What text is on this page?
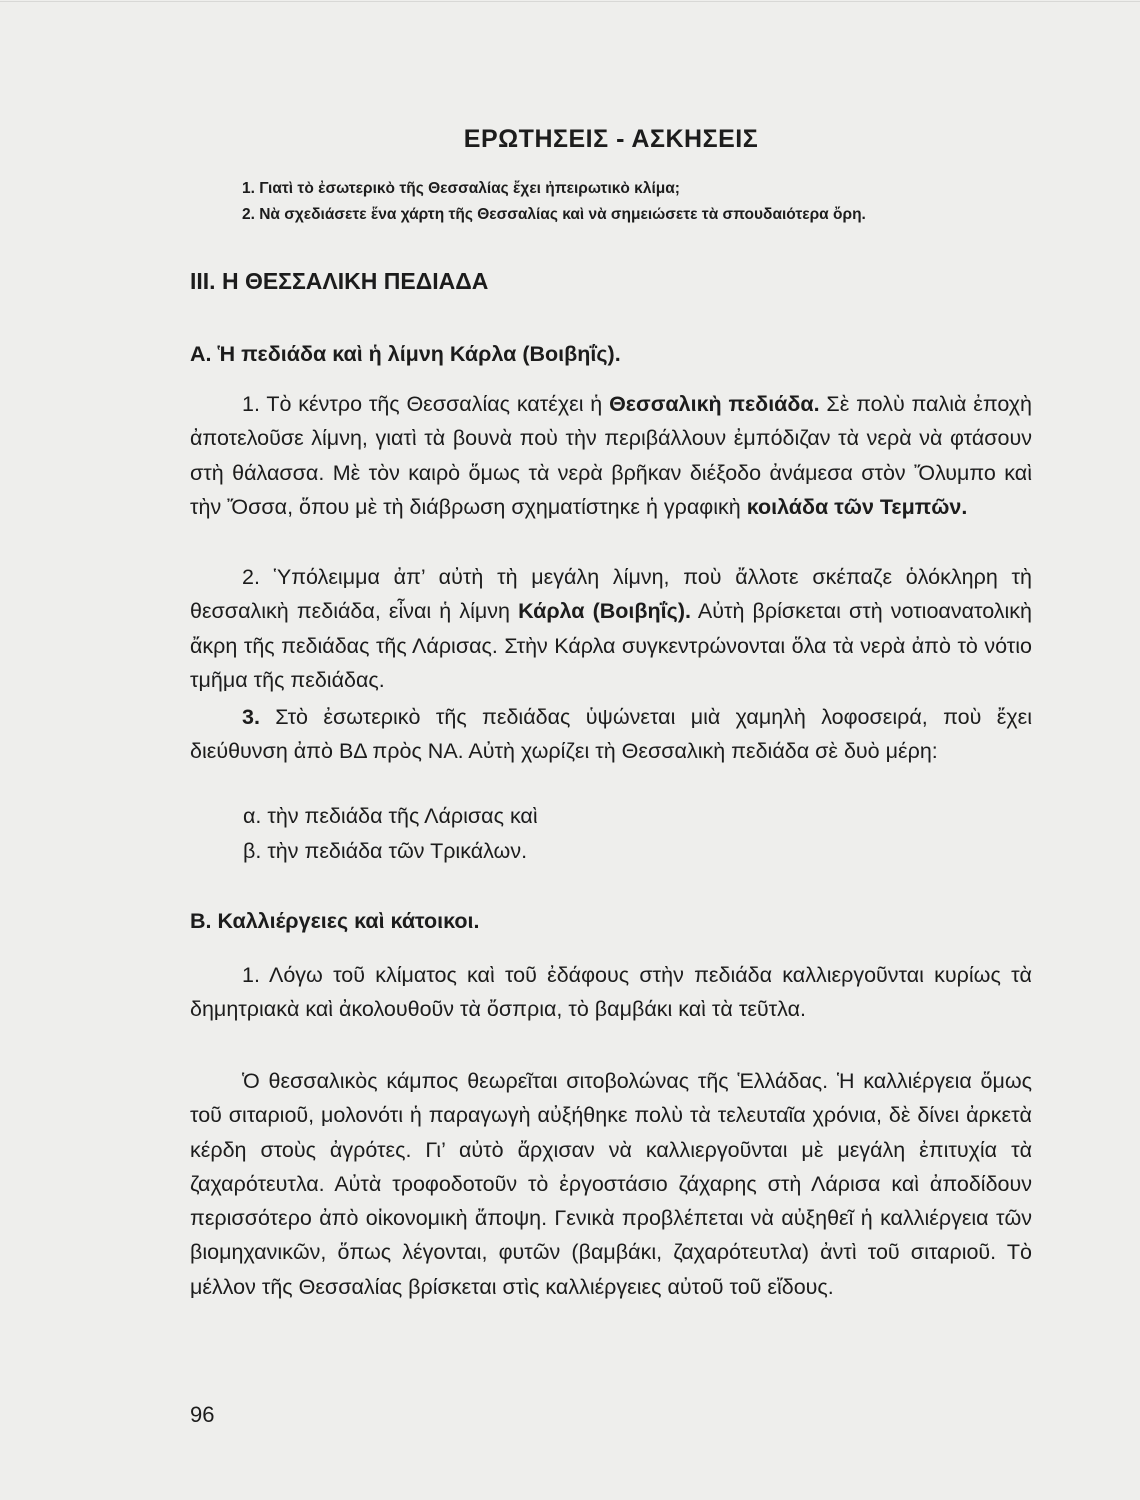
ΕΡΩΤΗΣΕΙΣ - ΑΣΚΗΣΕΙΣ
1. Γιατὶ τὸ ἐσωτερικὸ τῆς Θεσσαλίας ἔχει ἠπειρωτικὸ κλίμα;
2. Νὰ σχεδιάσετε ἕνα χάρτη τῆς Θεσσαλίας καὶ νὰ σημειώσετε τὰ σπουδαιότερα ὄρη.
III. Η ΘΕΣΣΑΛΙΚΗ ΠΕΔΙΑΔΑ
Α. Ἡ πεδιάδα καὶ ἡ λίμνη Κάρλα (Βοιβηΐς).
1. Τὸ κέντρο τῆς Θεσσαλίας κατέχει ἡ Θεσσαλικὴ πεδιάδα. Σὲ πολὺ παλιὰ ἐποχὴ ἀποτελοῦσε λίμνη, γιατὶ τὰ βουνὰ ποὺ τὴν περιβάλλουν ἐμπόδιζαν τὰ νερὰ νὰ φτάσουν στὴ θάλασσα. Μὲ τὸν καιρὸ ὅμως τὰ νερὰ βρῆκαν διέξοδο ἀνάμεσα στὸν Ὄλυμπο καὶ τὴν Ὄσσα, ὅπου μὲ τὴ διάβρωση σχηματίστηκε ἡ γραφικὴ κοιλάδα τῶν Τεμπῶν.
2. Ὑπόλειμμα ἀπ’ αὐτὴ τὴ μεγάλη λίμνη, ποὺ ἄλλοτε σκέπαζε ὁλόκληρη τὴ θεσσαλικὴ πεδιάδα, εἶναι ἡ λίμνη Κάρλα (Βοιβηΐς). Αὐτὴ βρίσκεται στὴ νοτιοανατολικὴ ἄκρη τῆς πεδιάδας τῆς Λάρισας. Στὴν Κάρλα συγκεντρώνονται ὅλα τὰ νερὰ ἀπὸ τὸ νότιο τμῆμα τῆς πεδιάδας.
3. Στὸ ἐσωτερικὸ τῆς πεδιάδας ὑψώνεται μιὰ χαμηλὴ λοφοσειρά, ποὺ ἔχει διεύθυνση ἀπὸ ΒΔ πρὸς ΝΑ. Αὐτὴ χωρίζει τὴ Θεσσαλικὴ πεδιάδα σὲ δυὸ μέρη:
α. τὴν πεδιάδα τῆς Λάρισας καὶ
β. τὴν πεδιάδα τῶν Τρικάλων.
Β. Καλλιέργειες καὶ κάτοικοι.
1. Λόγω τοῦ κλίματος καὶ τοῦ ἐδάφους στὴν πεδιάδα καλλιεργοῦνται κυρίως τὰ δημητριακὰ καὶ ἀκολουθοῦν τὰ ὄσπρια, τὸ βαμβάκι καὶ τὰ τεῦτλα.
Ὁ θεσσαλικὸς κάμπος θεωρεῖται σιτοβολώνας τῆς Ἑλλάδας. Ἡ καλλιέργεια ὅμως τοῦ σιταριοῦ, μολονότι ἡ παραγωγὴ αὐξήθηκε πολὺ τὰ τελευταῖα χρόνια, δὲ δίνει ἀρκετὰ κέρδη στοὺς ἀγρότες. Γι’ αὐτὸ ἄρχισαν νὰ καλλιεργοῦνται μὲ μεγάλη ἐπιτυχία τὰ ζαχαρότευτλα. Αὐτὰ τροφοδοτοῦν τὸ ἐργοστάσιο ζάχαρης στὴ Λάρισα καὶ ἀποδίδουν περισσότερο ἀπὸ οἰκονομικὴ ἄποψη. Γενικὰ προβλέπεται νὰ αὐξηθεῖ ἡ καλλιέργεια τῶν βιομηχανικῶν, ὅπως λέγονται, φυτῶν (βαμβάκι, ζαχαρότευτλα) ἀντὶ τοῦ σιταριοῦ. Τὸ μέλλον τῆς Θεσσαλίας βρίσκεται στὶς καλλιέργειες αὐτοῦ τοῦ εἴδους.
96
